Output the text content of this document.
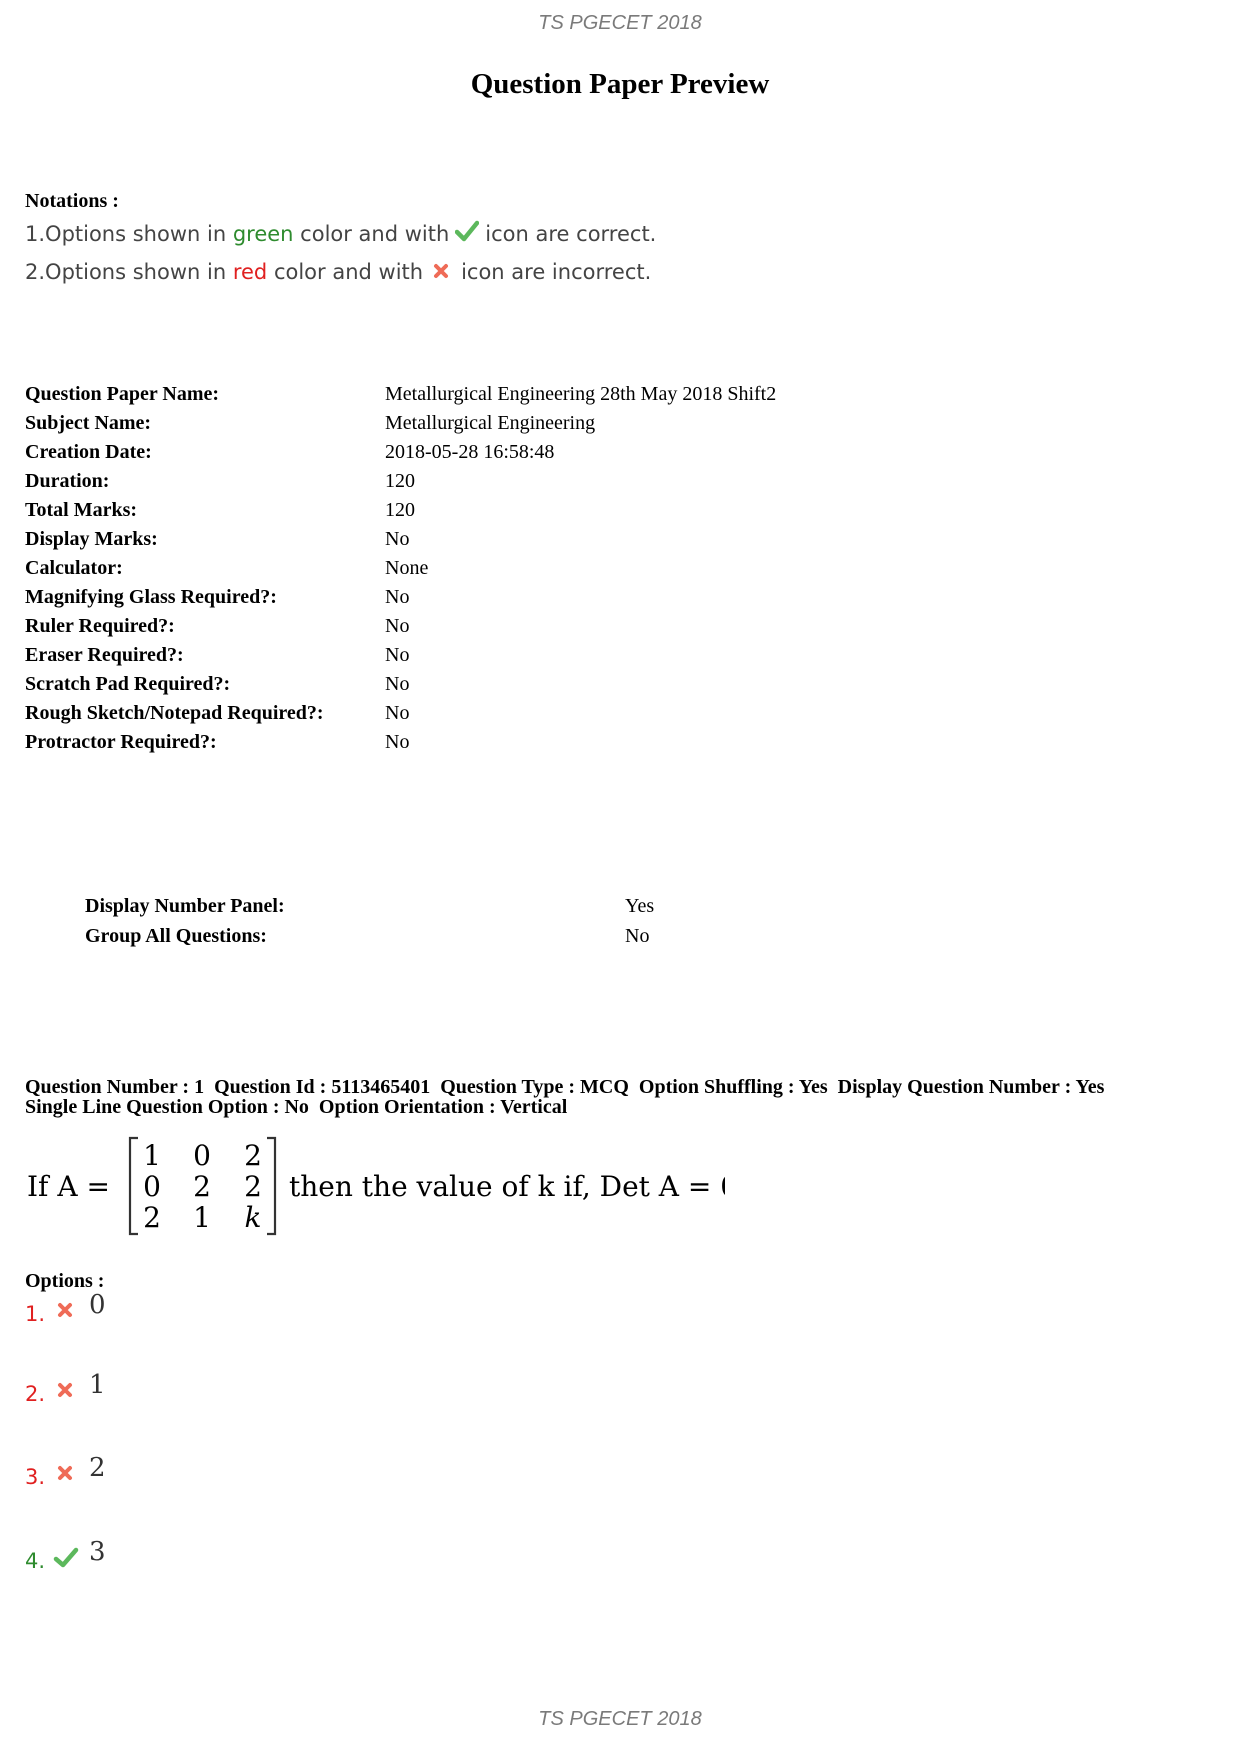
TS PGECET 2018
Question Paper Preview
Notations :
1.Options shown in
green
color and with icon are correct.
2.Options shown in
red
color and with icon are incorrect.
Question Paper Name:	Metallurgical Engineering 28th May 2018 Shift2
Subject Name:	Metallurgical Engineering
Creation Date:	2018-05-28 16:58:48
Duration:	120
Total Marks:	120
Display Marks:	No
Calculator:	None
Magnifying Glass Required?:	No
Ruler Required?:	No
Eraser Required?:	No
Scratch Pad Required?:	No
Rough Sketch/Notepad Required?:	No
Protractor Required?:	No
Display Number Panel:	Yes
Group All Questions:	No
Question Number : 1  Question Id : 5113465401  Question Type : MCQ  Option Shuffling : Yes  Display Question Number : Yes
Single Line Question Option : No  Option Orientation : Vertical
If A =
1 0 2
0 2 2
2 1 k
then the value of k if, Det A = 0
Options :
1. 0
2. 1
3. 2
4. 3
TS PGECET 2018
